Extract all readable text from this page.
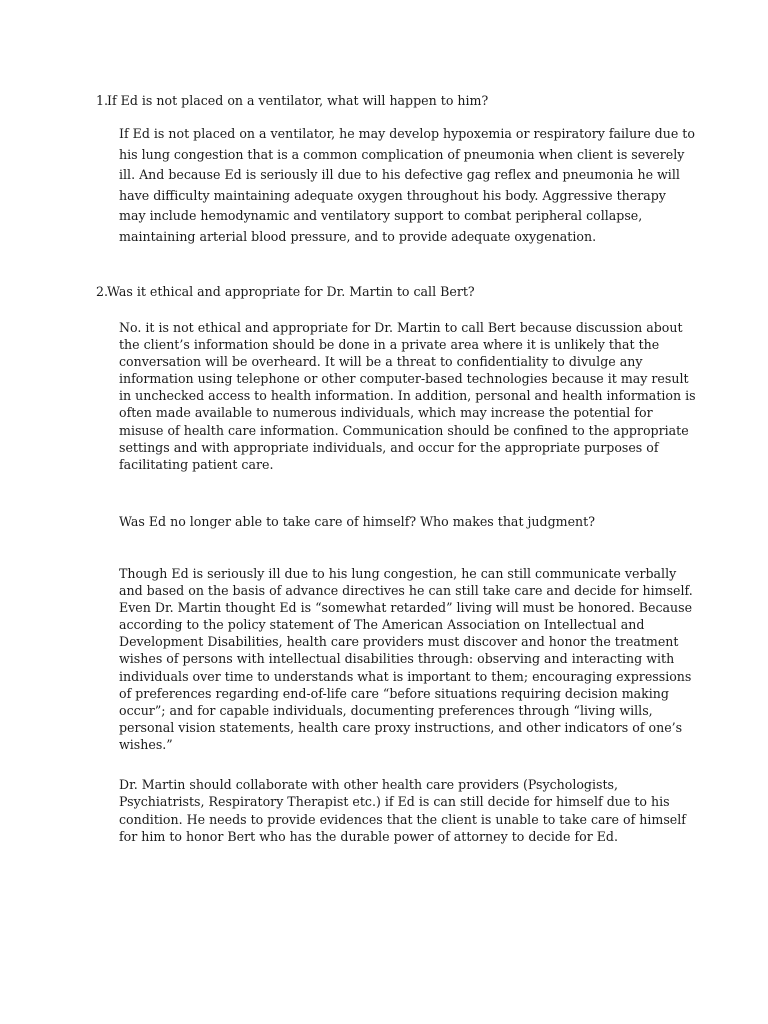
1.If Ed is not placed on a ventilator, what will happen to him?
If Ed is not placed on a ventilator, he may develop hypoxemia or respiratory failure due to
his lung congestion that is a common complication of pneumonia when client is severely
ill. And because Ed is seriously ill due to his defective gag reflex and pneumonia he will
have difficulty maintaining adequate oxygen throughout his body. Aggressive therapy
may include hemodynamic and ventilatory support to combat peripheral collapse,
maintaining arterial blood pressure, and to provide adequate oxygenation.
2.Was it ethical and appropriate for Dr. Martin to call Bert?
No. it is not ethical and appropriate for Dr. Martin to call Bert because discussion about
the client’s information should be done in a private area where it is unlikely that the
conversation will be overheard. It will be a threat to confidentiality to divulge any
information using telephone or other computer-based technologies because it may result
in unchecked access to health information. In addition, personal and health information is
often made available to numerous individuals, which may increase the potential for
misuse of health care information. Communication should be confined to the appropriate
settings and with appropriate individuals, and occur for the appropriate purposes of
facilitating patient care.
Was Ed no longer able to take care of himself? Who makes that judgment?
Though Ed is seriously ill due to his lung congestion, he can still communicate verbally
and based on the basis of advance directives he can still take care and decide for himself.
Even Dr. Martin thought Ed is “somewhat retarded” living will must be honored. Because
according to the policy statement of The American Association on Intellectual and
Development Disabilities, health care providers must discover and honor the treatment
wishes of persons with intellectual disabilities through: observing and interacting with
individuals over time to understands what is important to them; encouraging expressions
of preferences regarding end-of-life care “before situations requiring decision making
occur”; and for capable individuals, documenting preferences through “living wills,
personal vision statements, health care proxy instructions, and other indicators of one’s
wishes.”
Dr. Martin should collaborate with other health care providers (Psychologists,
Psychiatrists, Respiratory Therapist etc.) if Ed is can still decide for himself due to his
condition. He needs to provide evidences that the client is unable to take care of himself
for him to honor Bert who has the durable power of attorney to decide for Ed.
